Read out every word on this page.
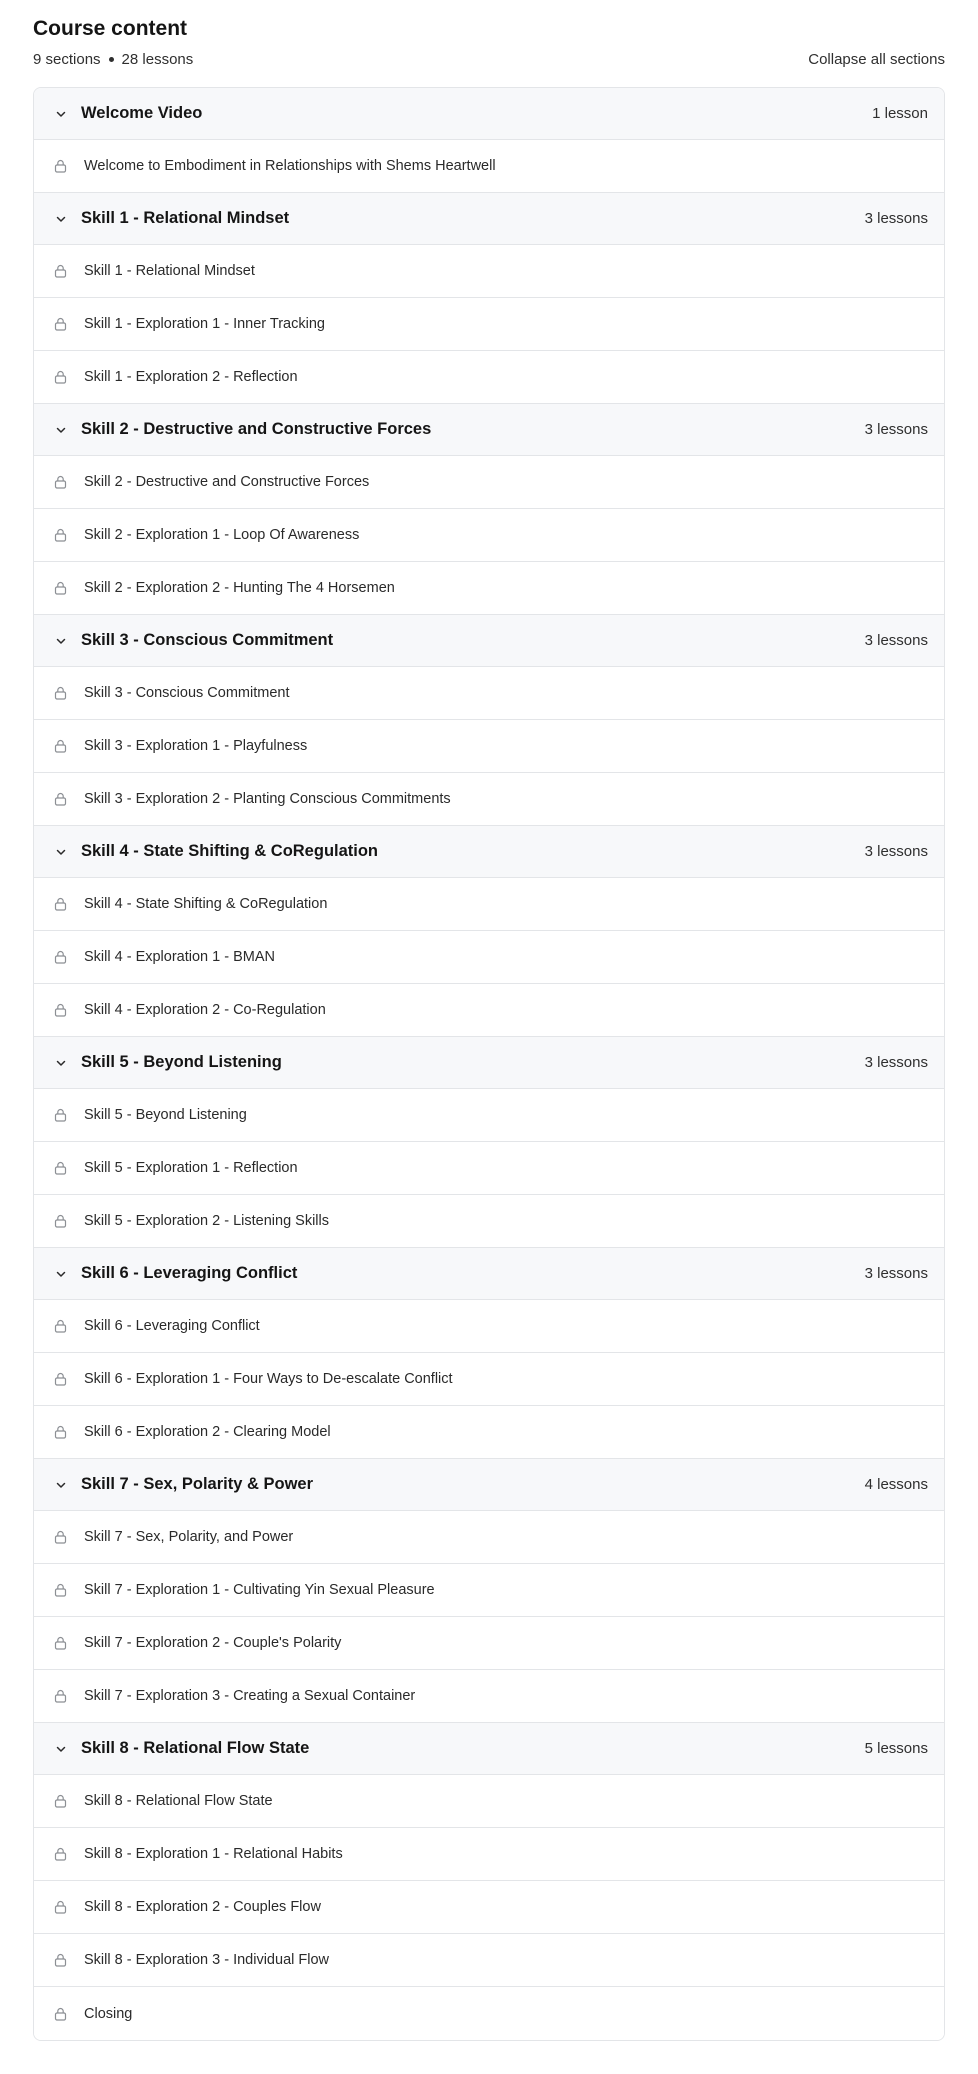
Course content
9 sections 28 lessons	Collapse all sections
Welcome Video	1 lesson
Welcome to Embodiment in Relationships with Shems Heartwell
Skill 1 - Relational Mindset	3 lessons
Skill 1 - Relational Mindset
Skill 1 - Exploration 1 - Inner Tracking
Skill 1 - Exploration 2 - Reflection
Skill 2 - Destructive and Constructive Forces	3 lessons
Skill 2 - Destructive and Constructive Forces
Skill 2 - Exploration 1 - Loop Of Awareness
Skill 2 - Exploration 2 - Hunting The 4 Horsemen
Skill 3 - Conscious Commitment	3 lessons
Skill 3 - Conscious Commitment
Skill 3 - Exploration 1 - Playfulness
Skill 3 - Exploration 2 - Planting Conscious Commitments
Skill 4 - State Shifting & CoRegulation	3 lessons
Skill 4 - State Shifting & CoRegulation
Skill 4 - Exploration 1 - BMAN
Skill 4 - Exploration 2 - Co-Regulation
Skill 5 - Beyond Listening	3 lessons
Skill 5 - Beyond Listening
Skill 5 - Exploration 1 - Reflection
Skill 5 - Exploration 2 - Listening Skills
Skill 6 - Leveraging Conflict	3 lessons
Skill 6 - Leveraging Conflict
Skill 6 - Exploration 1 - Four Ways to De-escalate Conflict
Skill 6 - Exploration 2 - Clearing Model
Skill 7 - Sex, Polarity & Power	4 lessons
Skill 7 - Sex, Polarity, and Power
Skill 7 - Exploration 1 - Cultivating Yin Sexual Pleasure
Skill 7 - Exploration 2 - Couple's Polarity
Skill 7 - Exploration 3 - Creating a Sexual Container
Skill 8 - Relational Flow State	5 lessons
Skill 8 - Relational Flow State
Skill 8 - Exploration 1 - Relational Habits
Skill 8 - Exploration 2 - Couples Flow
Skill 8 - Exploration 3 - Individual Flow
Closing
